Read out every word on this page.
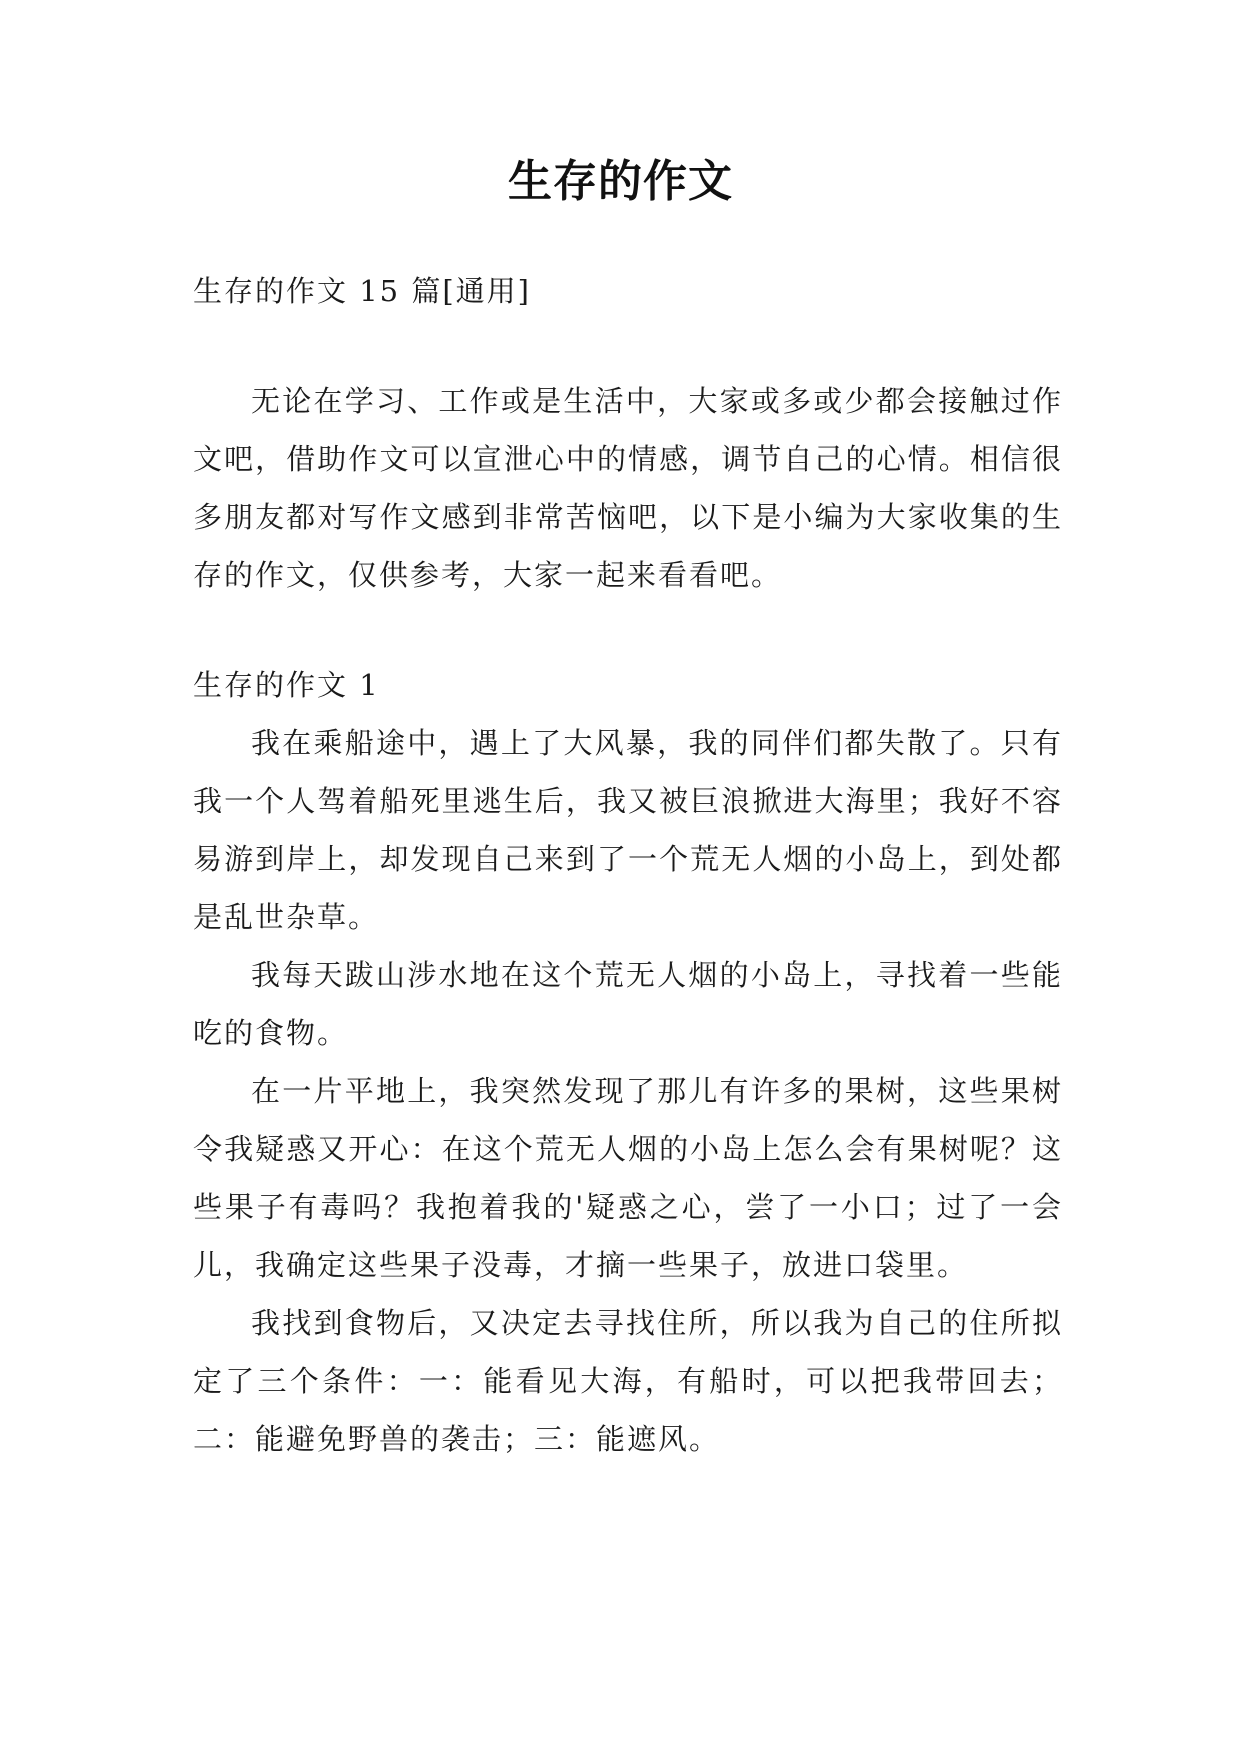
生存的作文

生存的作文 15 篇[通用]

无论在学习、工作或是生活中，大家或多或少都会接触过作文吧，借助作文可以宣泄心中的情感，调节自己的心情。相信很多朋友都对写作文感到非常苦恼吧，以下是小编为大家收集的生存的作文，仅供参考，大家一起来看看吧。

生存的作文 1

我在乘船途中，遇上了大风暴，我的同伴们都失散了。只有我一个人驾着船死里逃生后，我又被巨浪掀进大海里；我好不容易游到岸上，却发现自己来到了一个荒无人烟的小岛上，到处都是乱世杂草。

我每天跋山涉水地在这个荒无人烟的小岛上，寻找着一些能吃的食物。

在一片平地上，我突然发现了那儿有许多的果树，这些果树令我疑惑又开心：在这个荒无人烟的小岛上怎么会有果树呢？这些果子有毒吗？我抱着我的'疑惑之心，尝了一小口；过了一会儿，我确定这些果子没毒，才摘一些果子，放进口袋里。

我找到食物后，又决定去寻找住所，所以我为自己的住所拟定了三个条件：一：能看见大海，有船时，可以把我带回去；二：能避免野兽的袭击；三：能遮风。
